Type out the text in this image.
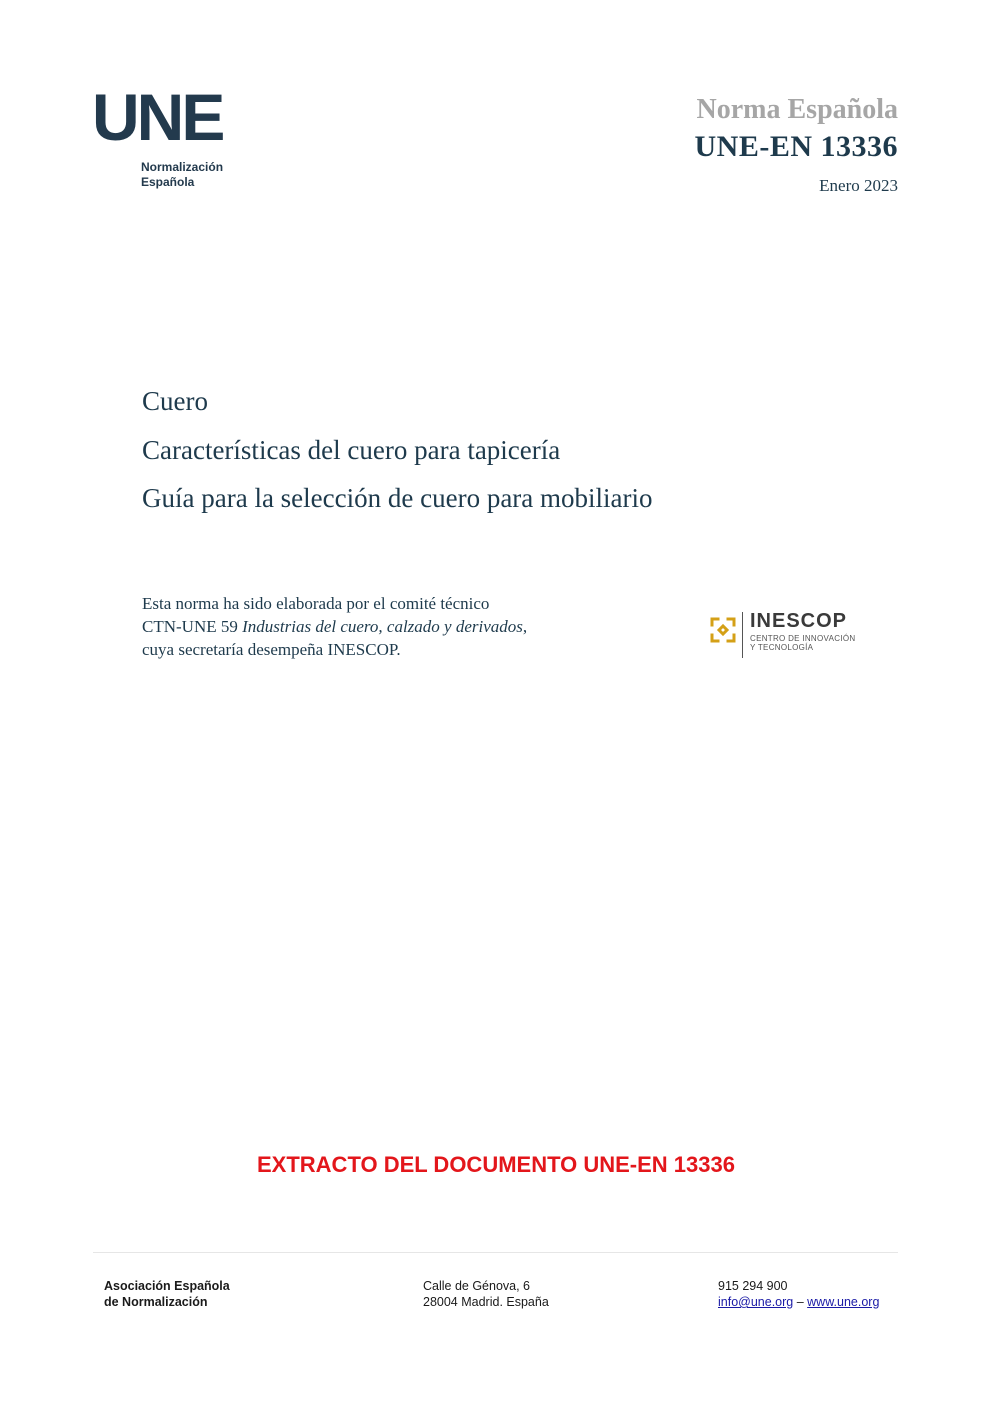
UNE
Normalización
Española
Norma Española
UNE-EN 13336
Enero 2023
Cuero
Características del cuero para tapicería
Guía para la selección de cuero para mobiliario
Esta norma ha sido elaborada por el comité técnico
CTN-UNE 59 Industrias del cuero, calzado y derivados,
cuya secretaría desempeña INESCOP.
INESCOP
CENTRO DE INNOVACIÓN
Y TECNOLOGÍA
EXTRACTO DEL DOCUMENTO UNE-EN 13336
Asociación Española
de Normalización
Calle de Génova, 6
28004 Madrid. España
915 294 900
info@une.org – www.une.org
